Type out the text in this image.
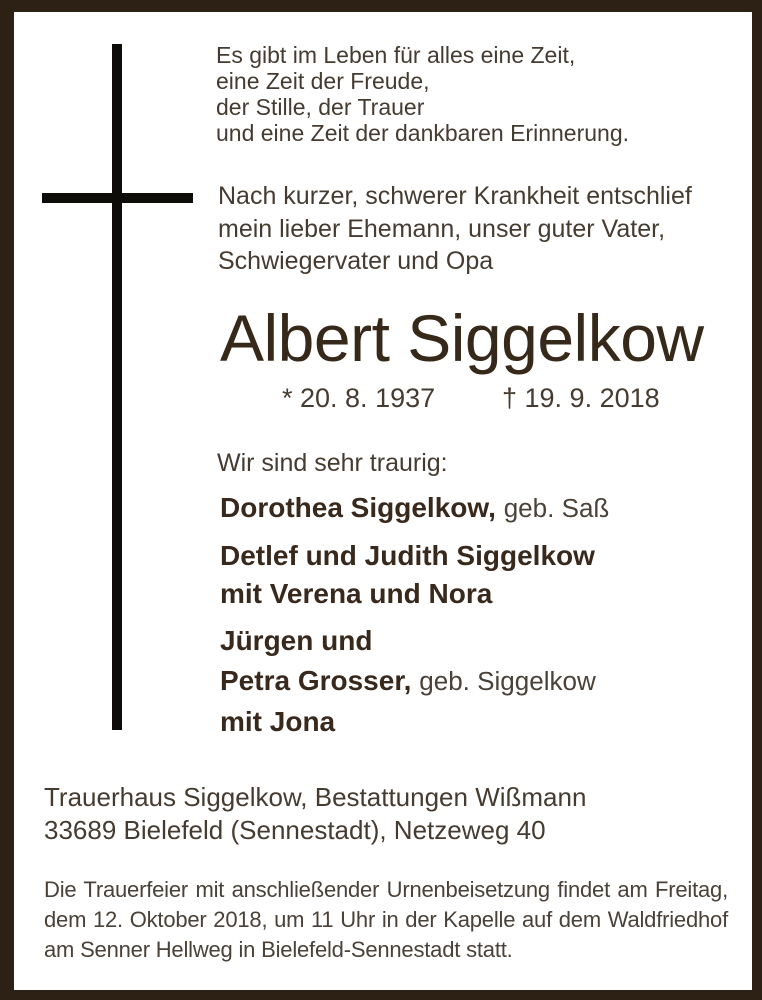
Es gibt im Leben für alles eine Zeit,
eine Zeit der Freude,
der Stille, der Trauer
und eine Zeit der dankbaren Erinnerung.
Nach kurzer, schwerer Krankheit entschlief
mein lieber Ehemann, unser guter Vater,
Schwiegervater und Opa
Albert Siggelkow
* 20. 8. 1937 † 19. 9. 2018
Wir sind sehr traurig:
Dorothea Siggelkow, geb. Saß
Detlef und Judith Siggelkow
mit Verena und Nora
Jürgen und
Petra Grosser, geb. Siggelkow
mit Jona
Trauerhaus Siggelkow, Bestattungen Wißmann
33689 Bielefeld (Sennestadt), Netzeweg 40
Die Trauerfeier mit anschließender Urnenbeisetzung findet am Freitag,
dem 12. Oktober 2018, um 11 Uhr in der Kapelle auf dem Waldfriedhof
am Senner Hellweg in Bielefeld-Sennestadt statt.
